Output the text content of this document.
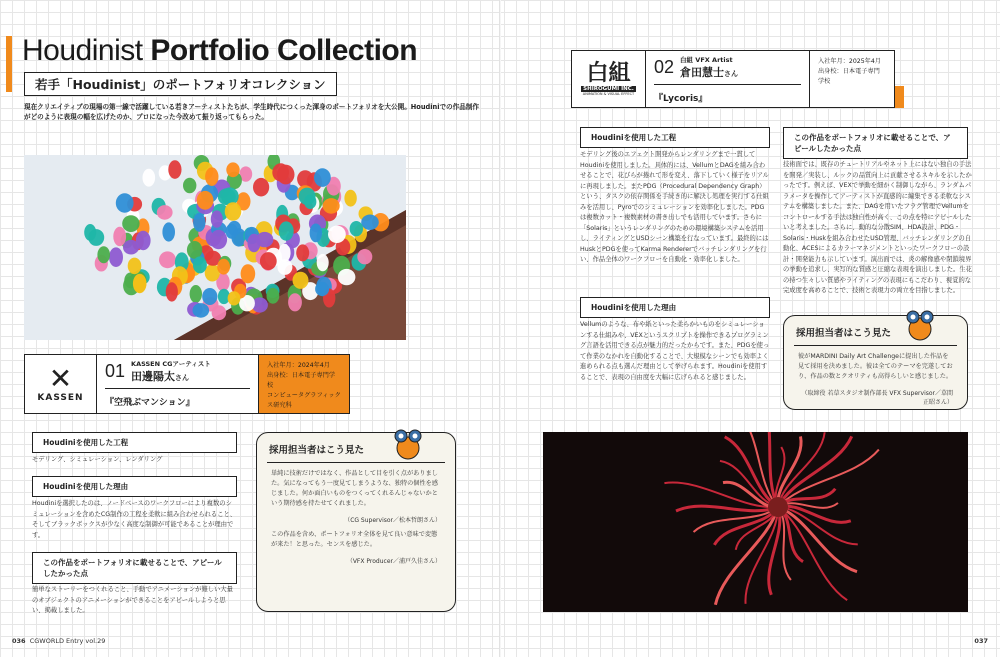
Houdinist Portfolio Collection
若手「Houdinist」のポートフォリオコレクション
現在クリエイティブの現場の第一線で活躍している若きアーティストたちが、学生時代につくった渾身のポートフォリオを大公開。Houdiniでの作品制作がどのように表現の幅を広げたのか、プロになった今改めて振り返ってもらった。
✕
KASSEN
01 KASSEN CGアーティスト
田邊陽太さん
『空飛ぶマンション』
入社年月：2024年4月
出身校：日本電子専門学校
コンピュータグラフィックス研究科
Houdiniを使用した工程
モデリング、シミュレーション、レンダリング
Houdiniを使用した理由
Houdiniを選択したのは、ノードベースのワークフローにより複数のシミュレーションを含めたCG制作の工程を柔軟に組み合わせられること、そしてブラックボックスが少なく高度な制御が可能であることが理由です。
この作品をポートフォリオに載せることで、アピールしたかった点
簡単なストーリーをつくれること、手動でアニメーションが難しい大量のオブジェクトのアニメーションができることをアピールしようと思い、掲載しました。
採用担当者はこう見た
単純に技術だけではなく、作品として目を引く点がありました。気になってもう一度見てしまうような、独特の個性を感じました。何か面白いものをつくってくれるんじゃないかという期待感を持たせてくれました。
（CG Supervisor／松本哲朗さん）
この作品を含め、ポートフォリオ全体を見て良い意味で変態が来た！と思った。センスを感じた。
（VFX Producer／浦戸久佳さん）
036 CGWORLD Entry vol.29
白組
SHIROGUMI INC.
ANIMATION & VISUAL EFFECT
02 白組 VFX Artist
倉田慧士さん
『Lycoris』
入社年月：2025年4月
出身校：日本電子専門学校
Houdiniを使用した工程
モデリング後のエフェクト開発からレンダリングまで一貫してHoudiniを使用しました。具体的には、VellumとDAGを組み合わせることで、花びらが捲れて形を変え、落下していく様子をリアルに再現しました。またPDG（Procedural Dependency Graph）という、タスクの依存関係を手続き的に解決し処理を実行する仕組みを活用し、Pyroでのシミュレーションを効率化しました。PDGは複数カット・複数素材の書き出しでも活用しています。さらに「Solaris」というレンダリングのための環境構築システムを活用し、ライティングとUSDシーン構築を行なっています。最終的にはHuskとPDGを使ってKarma Rendererでバッチレンダリングを行い、作品全体のワークフローを自動化・効率化しました。
Houdiniを使用した理由
Vellumのような、布や紙といった柔らかいものをシミュレーションする仕組みや、VEXというスクリプトを操作できるプログラミング言語を活用できる点が魅力的だったからです。また、PDGを使って作業のなかれを自動化することで、大規模なシーンでも効率よく進められる点も選んだ理由として挙げられます。Houdiniを使用することで、表現の自由度を大幅に広げられると感じました。
この作品をポートフォリオに載せることで、アピールしたかった点
技術面では、既存のチュートリアルやネット上にはない独自の手法を開発／実装し、ルックの品質向上に貢献させるスキルを示したかったです。例えば、VEXで挙動を細かく制御しながら、ランダムパラメータを操作してアーティストが直感的に編集できる柔軟なシステムを構築しました。また、DAGを用いたフラグ管理でVellumをコントロールする手法は独自性が高く、この点を特にアピールしたいと考えました。さらに、動的な分散SIM、HDA設計、PDG・Solaris・Huskを組み合わせたUSD管理、バッチレンダリングの自動化、ACESによるカラーマネジメントといったワークフローの設計・開発能力も示しています。演出面では、炎の解像感や閉鎖境界の挙動を追求し、実写的な質感と圧縮な表現を演出しました。生花の持つ生々しい質感やライティングの表現にもこだわり、視覚的な完成度を高めることで、技術と表現力の両立を目指しました。
採用担当者はこう見た
彼がMARDINI Daily Art Challengeに提出した作品を見て採用を決めました。彼は全てのテーマを完遂しており、作品の数とクオリティも高得らしいと感じました。
（取締役 若草スタジオ制作部長 VFX Supervisor／草間正昭さん）
037
